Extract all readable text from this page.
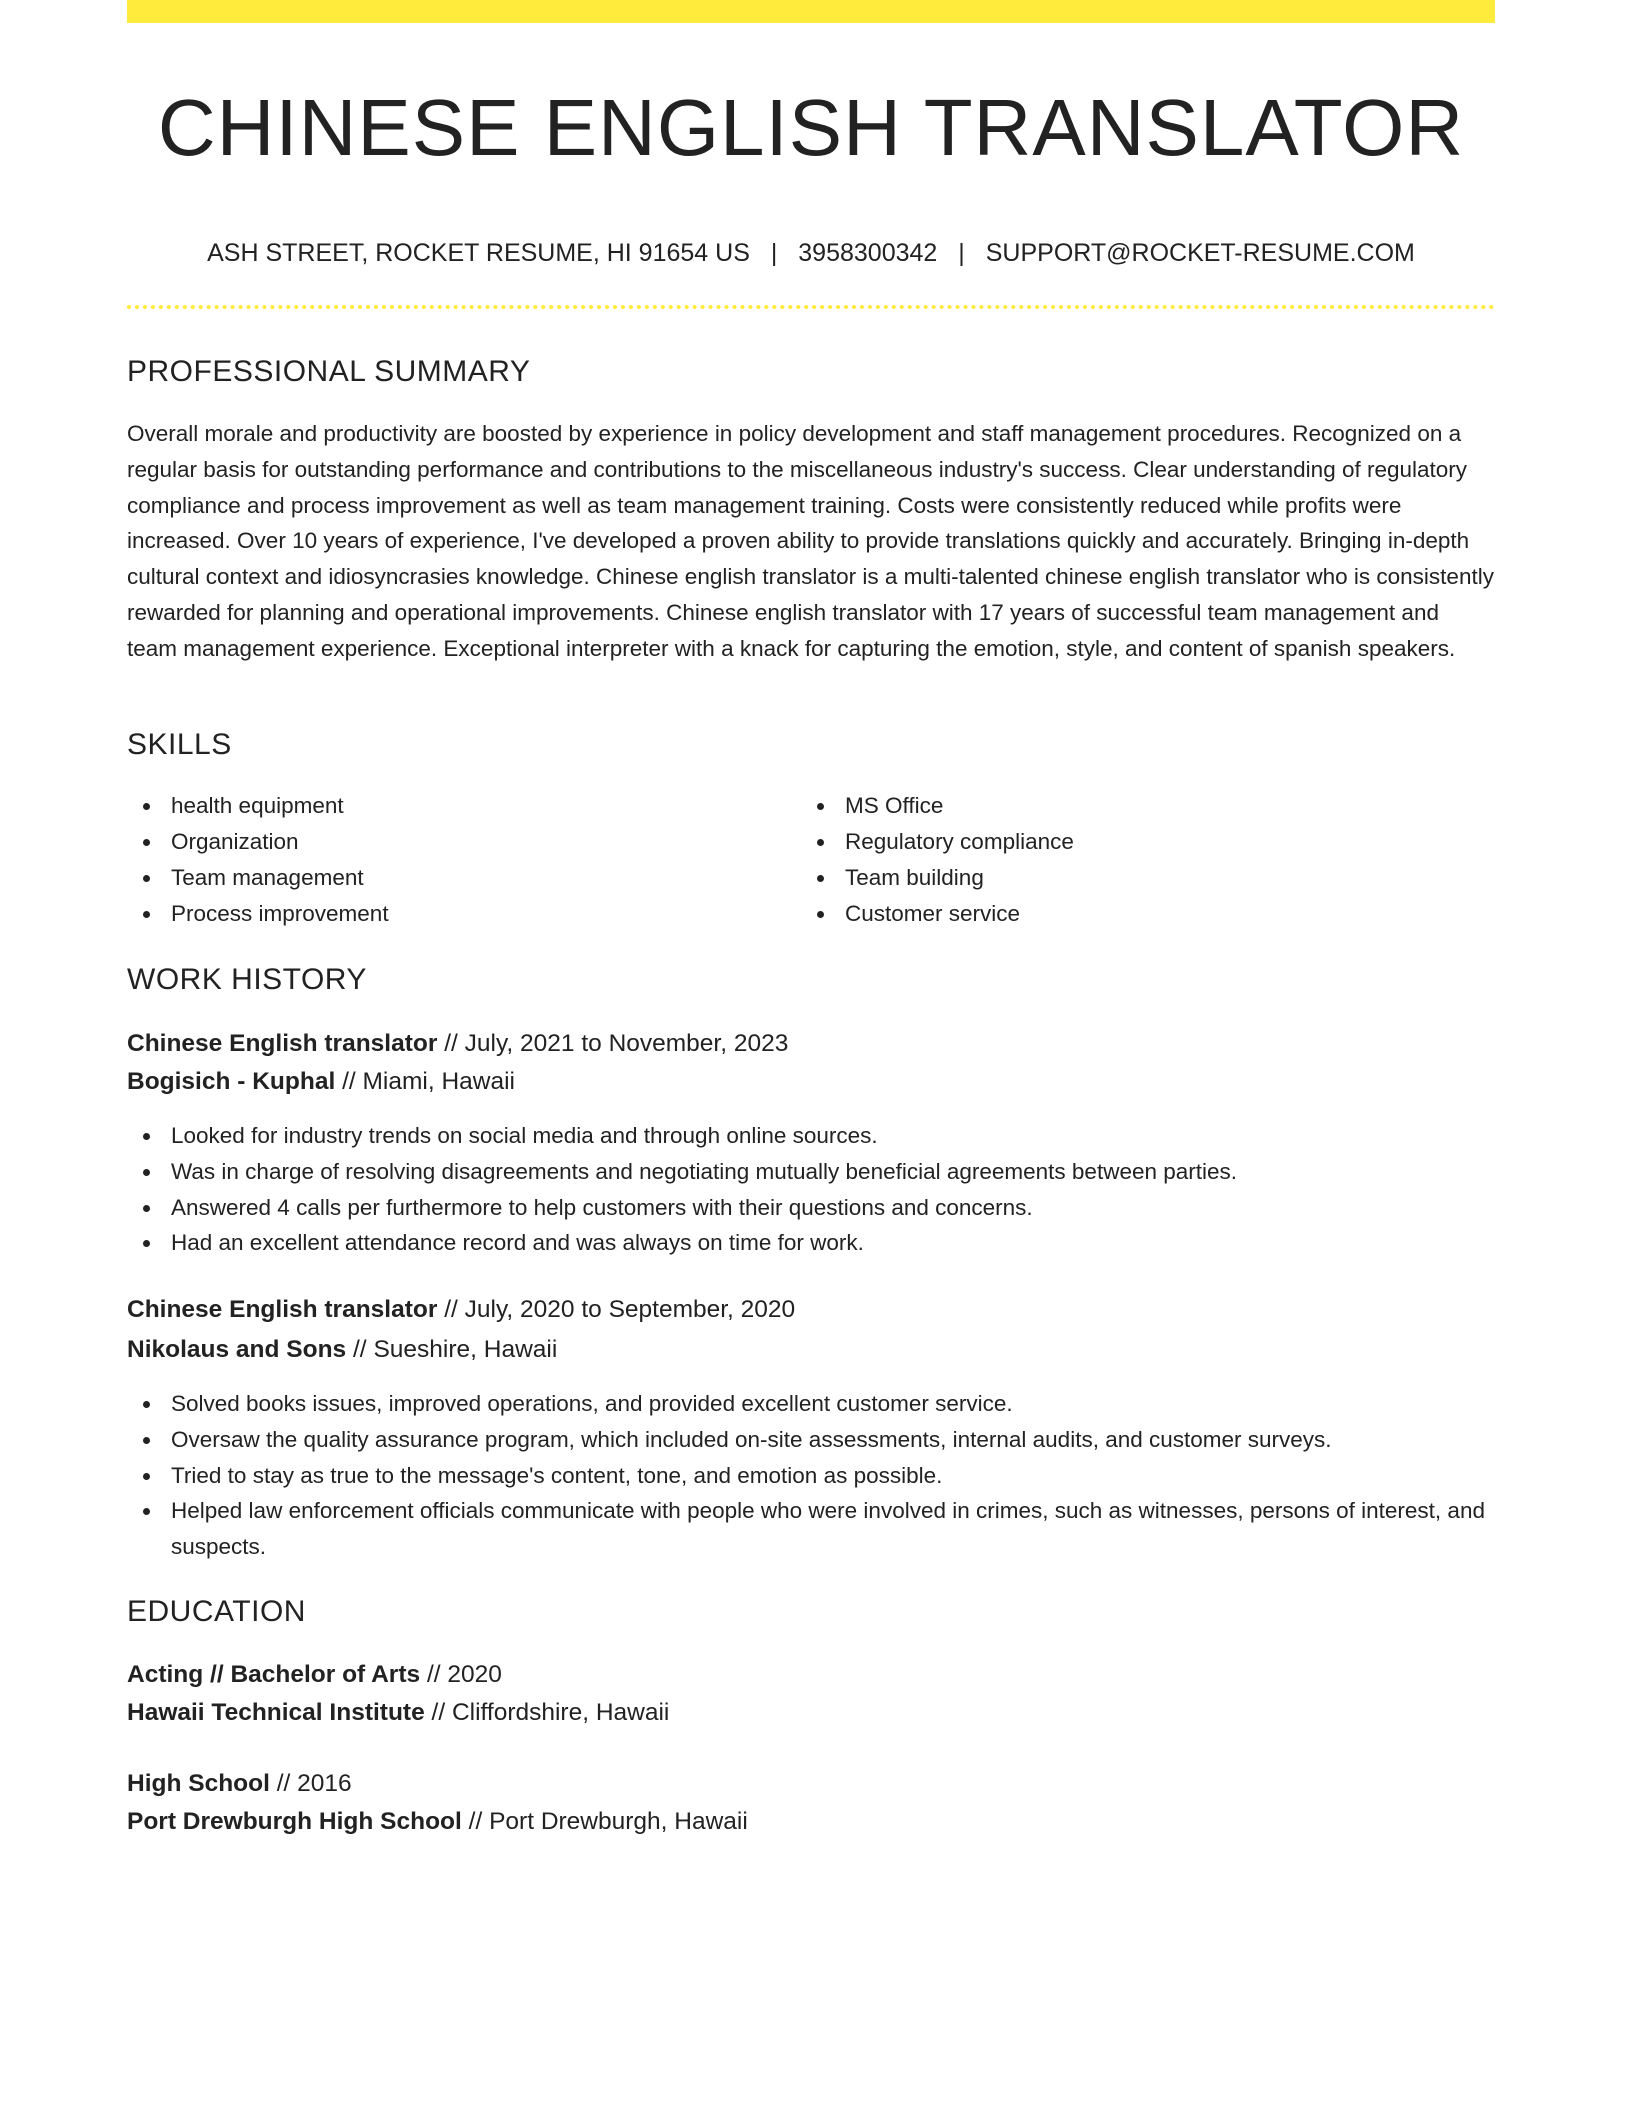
CHINESE ENGLISH TRANSLATOR
ASH STREET, ROCKET RESUME, HI 91654 US | 3958300342 | SUPPORT@ROCKET-RESUME.COM
PROFESSIONAL SUMMARY
Overall morale and productivity are boosted by experience in policy development and staff management procedures. Recognized on a regular basis for outstanding performance and contributions to the miscellaneous industry's success. Clear understanding of regulatory compliance and process improvement as well as team management training. Costs were consistently reduced while profits were increased. Over 10 years of experience, I've developed a proven ability to provide translations quickly and accurately. Bringing in-depth cultural context and idiosyncrasies knowledge. Chinese english translator is a multi-talented chinese english translator who is consistently rewarded for planning and operational improvements. Chinese english translator with 17 years of successful team management and team management experience. Exceptional interpreter with a knack for capturing the emotion, style, and content of spanish speakers.
SKILLS
health equipment
Organization
Team management
Process improvement
MS Office
Regulatory compliance
Team building
Customer service
WORK HISTORY
Chinese English translator // July, 2021 to November, 2023
Bogisich - Kuphal // Miami, Hawaii
Looked for industry trends on social media and through online sources.
Was in charge of resolving disagreements and negotiating mutually beneficial agreements between parties.
Answered 4 calls per furthermore to help customers with their questions and concerns.
Had an excellent attendance record and was always on time for work.
Chinese English translator // July, 2020 to September, 2020
Nikolaus and Sons // Sueshire, Hawaii
Solved books issues, improved operations, and provided excellent customer service.
Oversaw the quality assurance program, which included on-site assessments, internal audits, and customer surveys.
Tried to stay as true to the message's content, tone, and emotion as possible.
Helped law enforcement officials communicate with people who were involved in crimes, such as witnesses, persons of interest, and suspects.
EDUCATION
Acting // Bachelor of Arts // 2020
Hawaii Technical Institute // Cliffordshire, Hawaii
High School // 2016
Port Drewburgh High School // Port Drewburgh, Hawaii
